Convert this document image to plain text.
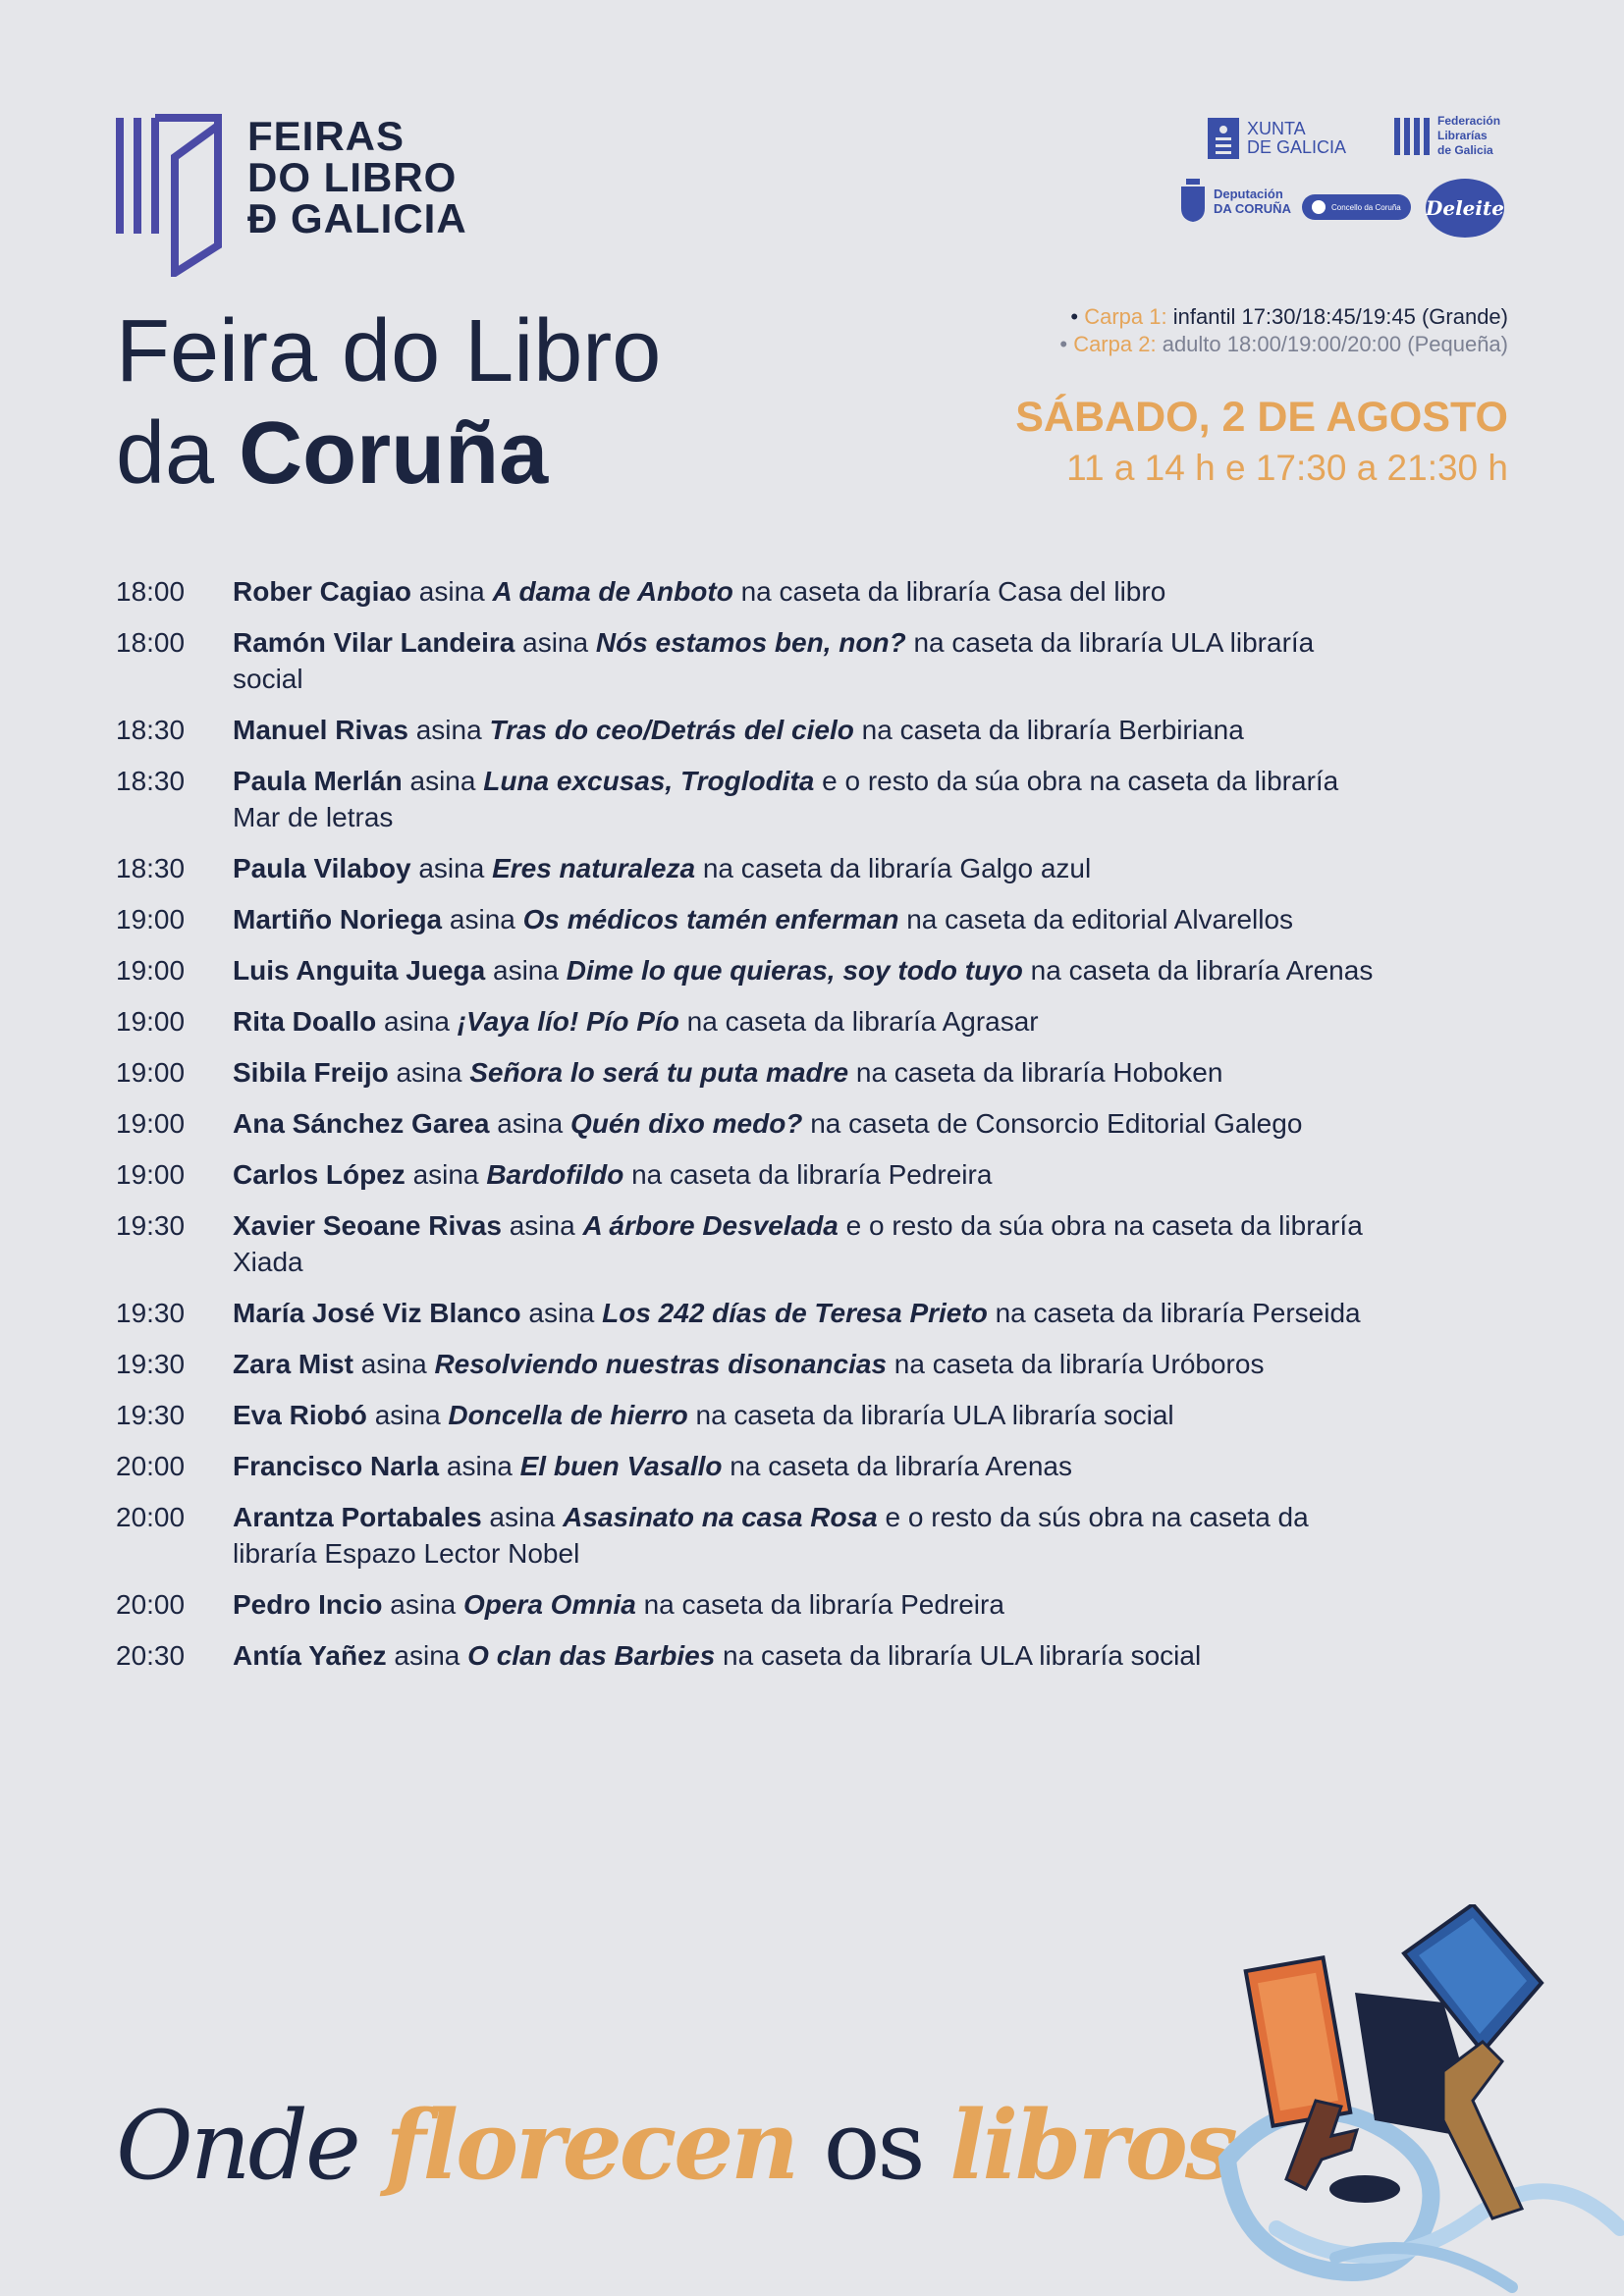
FEIRAS
DO LIBRO
Đ GALICIA
XUNTA
DE GALICIA
Federación
Librarías
de Galicia
Deputación
DA CORUÑA	Concello da Coruña Deleite
Feira do Libro
da Coruña
• Carpa 1: infantil 17:30/18:45/19:45 (Grande)
• Carpa 2: adulto 18:00/19:00/20:00 (Pequeña)
SÁBADO, 2 DE AGOSTO
11 a 14 h e 17:30 a 21:30 h
18:00	Rober Cagiao asina A dama de Anboto na caseta da libraría Casa del libro
18:00	Ramón Vilar Landeira asina Nós estamos ben, non? na caseta da libraría ULA libraría social
18:30	Manuel Rivas asina Tras do ceo/Detrás del cielo na caseta da libraría Berbiriana
18:30	Paula Merlán asina Luna excusas, Troglodita e o resto da súa obra na caseta da libraría Mar de letras
18:30	Paula Vilaboy asina Eres naturaleza na caseta da libraría Galgo azul
19:00	Martiño Noriega asina Os médicos tamén enferman na caseta da editorial Alvarellos
19:00	Luis Anguita Juega asina Dime lo que quieras, soy todo tuyo na caseta da libraría Arenas
19:00	Rita Doallo asina ¡Vaya lío! Pío Pío na caseta da libraría Agrasar
19:00	Sibila Freijo asina Señora lo será tu puta madre na caseta da libraría Hoboken
19:00	Ana Sánchez Garea asina Quén dixo medo? na caseta de Consorcio Editorial Galego
19:00	Carlos López asina Bardofildo na caseta da libraría Pedreira
19:30	Xavier Seoane Rivas asina A árbore Desvelada e o resto da súa obra na caseta da libraría Xiada
19:30	María José Viz Blanco asina Los 242 días de Teresa Prieto na caseta da libraría Perseida
19:30	Zara Mist asina Resolviendo nuestras disonancias na caseta da libraría Uróboros
19:30	Eva Riobó asina Doncella de hierro na caseta da libraría ULA libraría social
20:00	Francisco Narla asina El buen Vasallo na caseta da libraría Arenas
20:00	Arantza Portabales asina Asasinato na casa Rosa e o resto da sús obra na caseta da libraría Espazo Lector Nobel
20:00	Pedro Incio asina Opera Omnia na caseta da libraría Pedreira
20:30	Antía Yañez asina O clan das Barbies na caseta da libraría ULA libraría social
Onde florecen os libros
